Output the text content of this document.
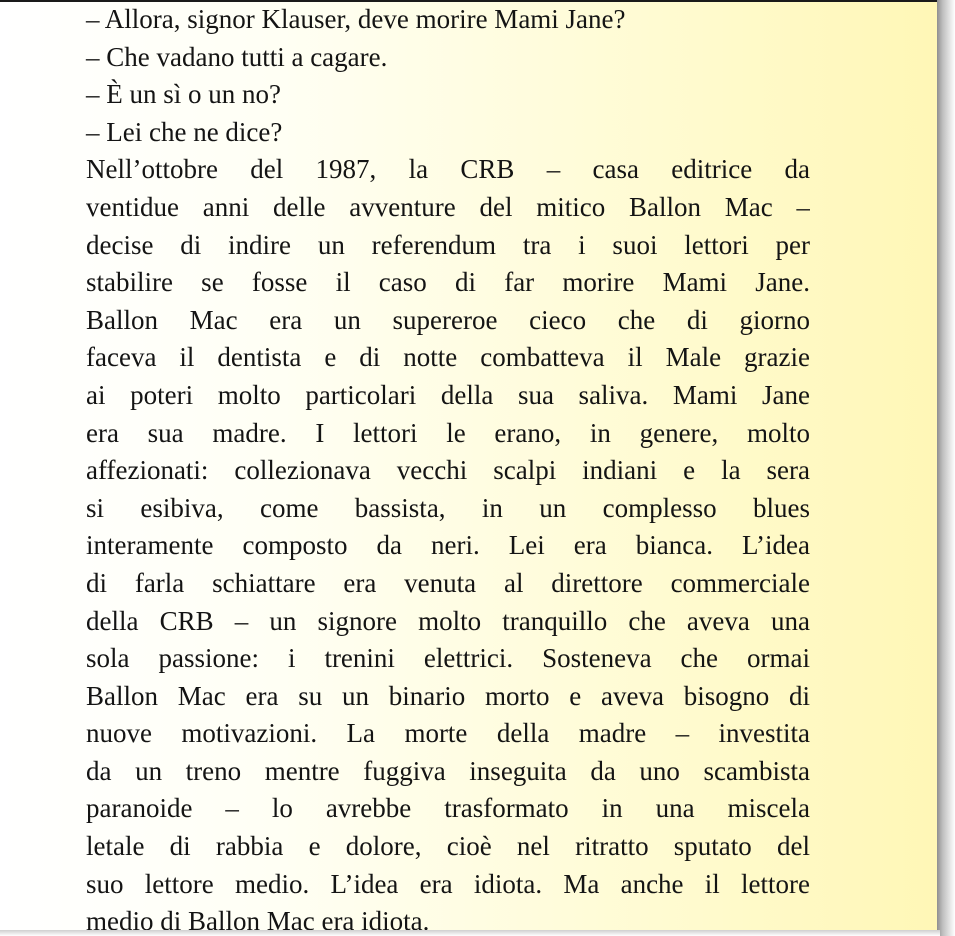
– Allora, signor Klauser, deve morire Mami Jane?
– Che vadano tutti a cagare.
– È un sì o un no?
– Lei che ne dice?
Nell’ottobre del 1987, la CRB – casa editrice da
ventidue anni delle avventure del mitico Ballon Mac –
decise di indire un referendum tra i suoi lettori per
stabilire se fosse il caso di far morire Mami Jane.
Ballon Mac era un supereroe cieco che di giorno
faceva il dentista e di notte combatteva il Male grazie
ai poteri molto particolari della sua saliva. Mami Jane
era sua madre. I lettori le erano, in genere, molto
affezionati: collezionava vecchi scalpi indiani e la sera
si esibiva, come bassista, in un complesso blues
interamente composto da neri. Lei era bianca. L’idea
di farla schiattare era venuta al direttore commerciale
della CRB – un signore molto tranquillo che aveva una
sola passione: i trenini elettrici. Sosteneva che ormai
Ballon Mac era su un binario morto e aveva bisogno di
nuove motivazioni. La morte della madre – investita
da un treno mentre fuggiva inseguita da uno scambista
paranoide – lo avrebbe trasformato in una miscela
letale di rabbia e dolore, cioè nel ritratto sputato del
suo lettore medio. L’idea era idiota. Ma anche il lettore
medio di Ballon Mac era idiota.
